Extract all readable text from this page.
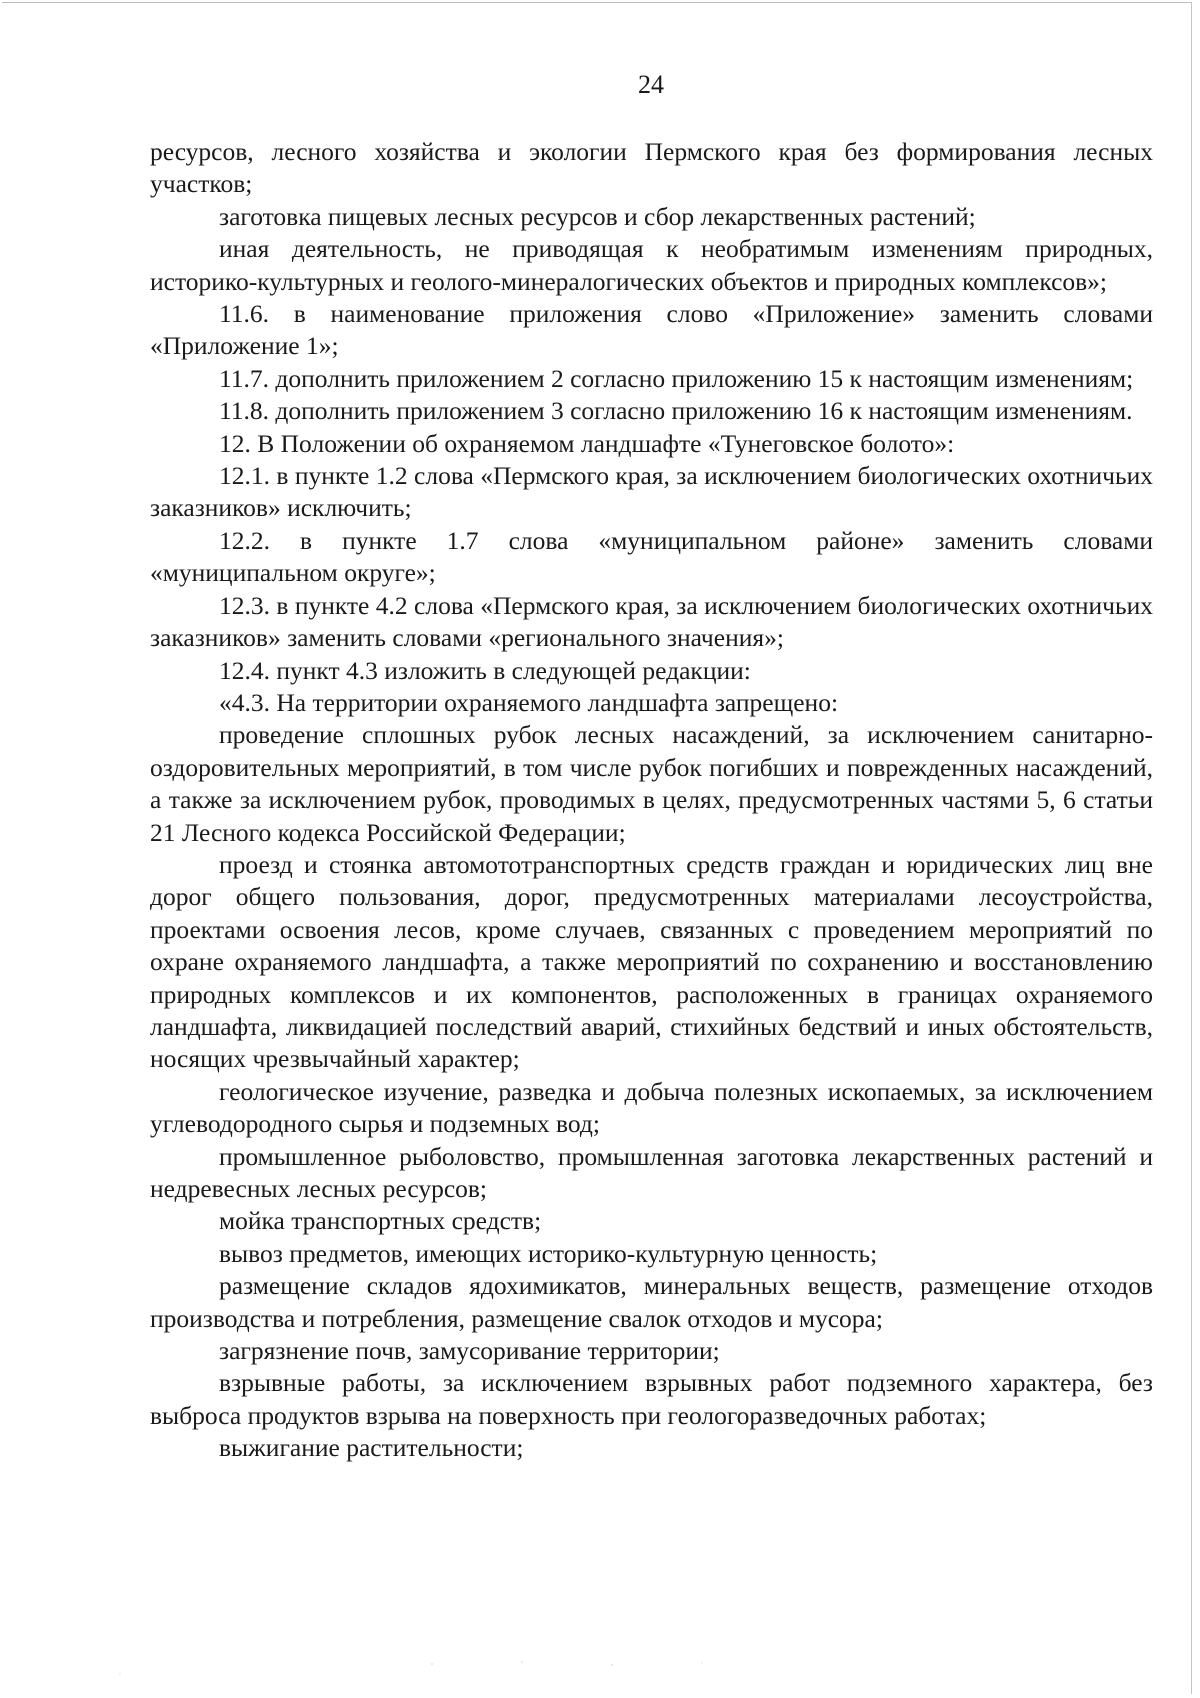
24

ресурсов, лесного хозяйства и экологии Пермского края без формирования лесных участков;

заготовка пищевых лесных ресурсов и сбор лекарственных растений;

иная деятельность, не приводящая к необратимым изменениям природных, историко-культурных и геолого-минералогических объектов и природных комплексов»;

11.6. в наименование приложения слово «Приложение» заменить словами «Приложение 1»;

11.7. дополнить приложением 2 согласно приложению 15 к настоящим изменениям;

11.8. дополнить приложением 3 согласно приложению 16 к настоящим изменениям.

12. В Положении об охраняемом ландшафте «Тунеговское болото»:

12.1. в пункте 1.2 слова «Пермского края, за исключением биологических охотничьих заказников» исключить;

12.2. в пункте 1.7 слова «муниципальном районе» заменить словами «муниципальном округе»;

12.3. в пункте 4.2 слова «Пермского края, за исключением биологических охотничьих заказников» заменить словами «регионального значения»;

12.4. пункт 4.3 изложить в следующей редакции:

«4.3. На территории охраняемого ландшафта запрещено:

проведение сплошных рубок лесных насаждений, за исключением санитарно-оздоровительных мероприятий, в том числе рубок погибших и поврежденных насаждений, а также за исключением рубок, проводимых в целях, предусмотренных частями 5, 6 статьи 21 Лесного кодекса Российской Федерации;

проезд и стоянка автомототранспортных средств граждан и юридических лиц вне дорог общего пользования, дорог, предусмотренных материалами лесоустройства, проектами освоения лесов, кроме случаев, связанных с проведением мероприятий по охране охраняемого ландшафта, а также мероприятий по сохранению и восстановлению природных комплексов и их компонентов, расположенных в границах охраняемого ландшафта, ликвидацией последствий аварий, стихийных бедствий и иных обстоятельств, носящих чрезвычайный характер;

геологическое изучение, разведка и добыча полезных ископаемых, за исключением углеводородного сырья и подземных вод;

промышленное рыболовство, промышленная заготовка лекарственных растений и недревесных лесных ресурсов;

мойка транспортных средств;

вывоз предметов, имеющих историко-культурную ценность;

размещение складов ядохимикатов, минеральных веществ, размещение отходов производства и потребления, размещение свалок отходов и мусора;

загрязнение почв, замусоривание территории;

взрывные работы, за исключением взрывных работ подземного характера, без выброса продуктов взрыва на поверхность при геологоразведочных работах;

выжигание растительности;
